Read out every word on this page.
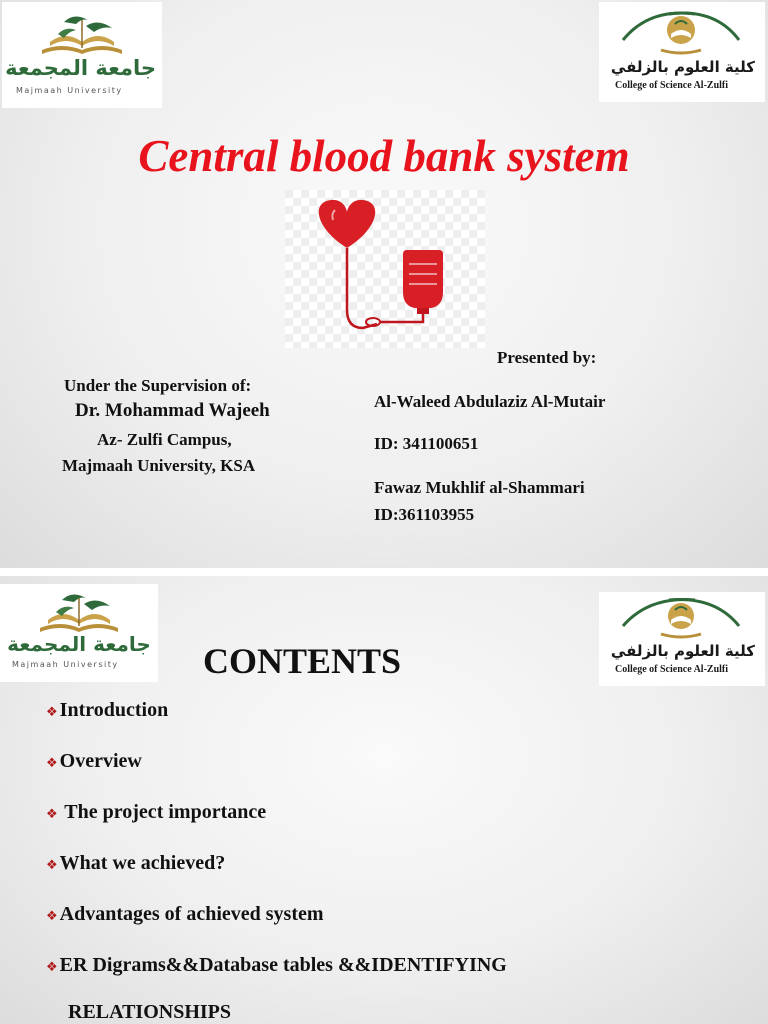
جامعة المجمعة
Majmaah University
كلية العلوم بالزلفي
College of Science Al-Zulfi
Central blood bank system
Presented by:
Under the Supervision of:
Dr. Mohammad Wajeeh
Az- Zulfi Campus,
Majmaah University, KSA
Al-Waleed Abdulaziz Al-Mutair
ID: 341100651
Fawaz Mukhlif al-Shammari
ID:361103955
جامعة المجمعة
Majmaah University
كلية العلوم بالزلفي
College of Science Al-Zulfi
CONTENTS
❖ Introduction
❖ Overview
❖ The project importance
❖ What we achieved?
❖ Advantages of achieved system
❖ ER Digrams&&Database tables &&IDENTIFYING
RELATIONSHIPS
